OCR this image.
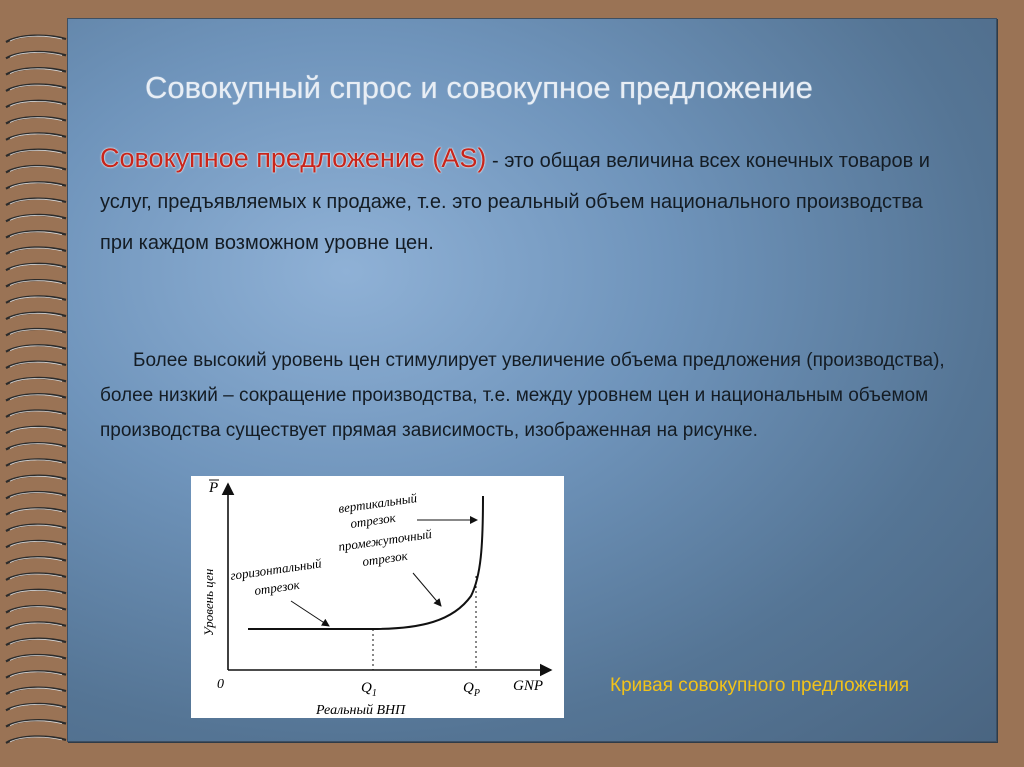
Совокупный спрос и совокупное предложение
Совокупное предложение (AS) - это общая величина всех конечных товаров и услуг, предъявляемых к продаже, т.е. это реальный объем национального производства при каждом возможном уровне цен.
Более высокий уровень цен стимулирует увеличение объема предложения (производства), более низкий – сокращение производства, т.е. между уровнем цен и национальным объемом производства существует прямая зависимость, изображенная на рисунке.
P
Уровень цен
0	$Q_1$	$Q_P$ GNP
Реальный ВНП
горизонтальный
отрезок
промежуточный
отрезок
вертикальный
отрезок
Кривая совокупного предложения
